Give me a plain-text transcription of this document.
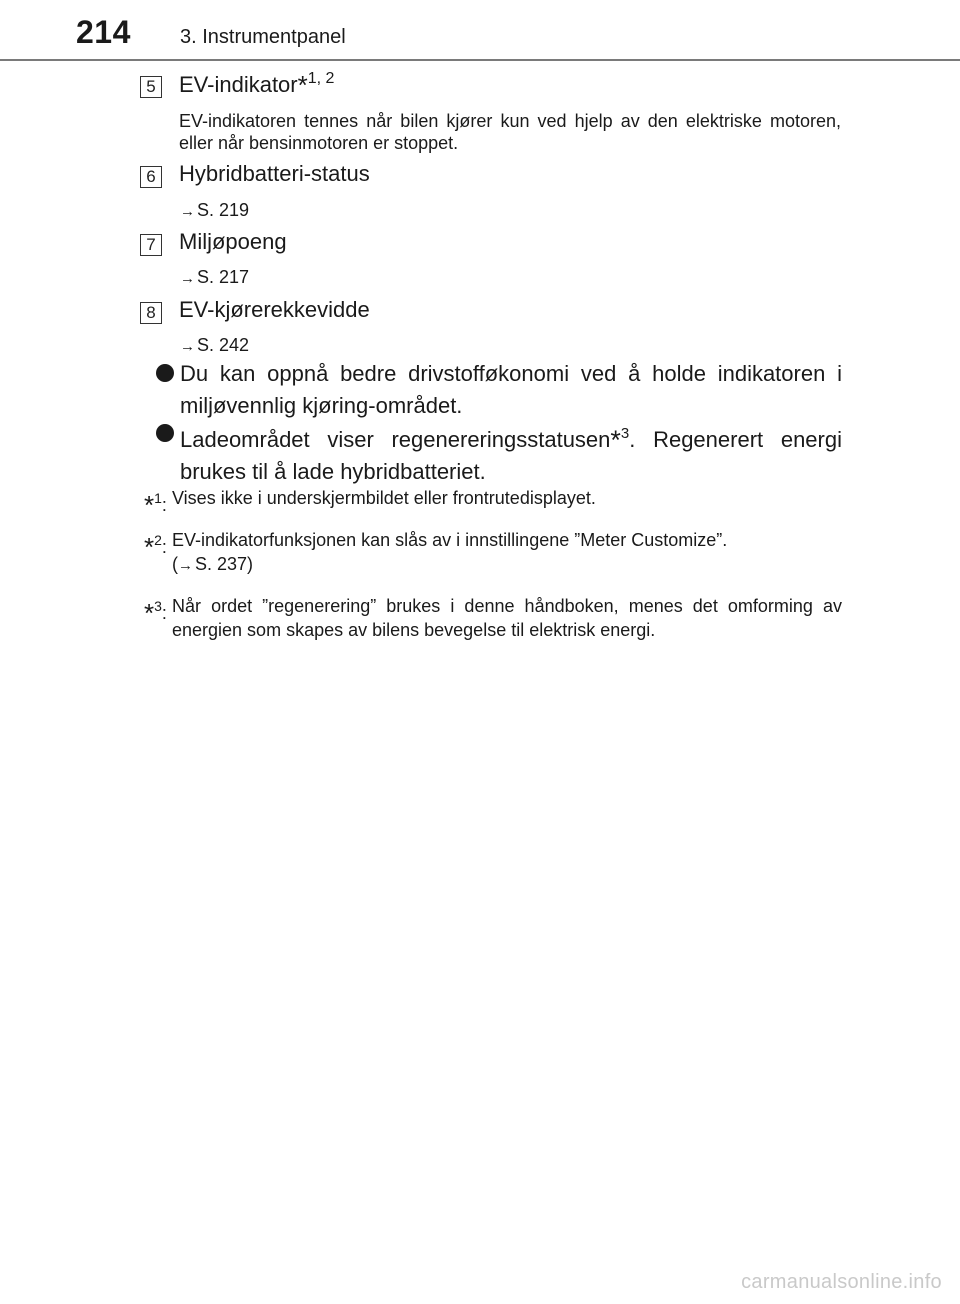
214 3. Instrumentpanel
5 EV-indikator*$^{1, 2}$
EV-indikatoren tennes når bilen kjører kun ved hjelp av den elektriske motoren, eller når bensinmotoren er stoppet.
6 Hybridbatteri-status
→ S. 219
7 Miljøpoeng
→ S. 217
8 EV-kjørerekkevidde
→ S. 242
Du kan oppnå bedre drivstofføkonomi ved å holde indikatoren i miljøvennlig kjøring-området.
Ladeområdet viser regenereringsstatusen*$^3$. Regenerert energi brukes til å lade hybridbatteriet.
*$^1$: Vises ikke i underskjermbildet eller frontrutedisplayet.
*$^2$: EV-indikatorfunksjonen kan slås av i innstillingene ”Meter Customize”.
(→ S. 237)
*$^3$: Når ordet ”regenerering” brukes i denne håndboken, menes det omforming av energien som skapes av bilens bevegelse til elektrisk energi.
carmanualsonline.info
